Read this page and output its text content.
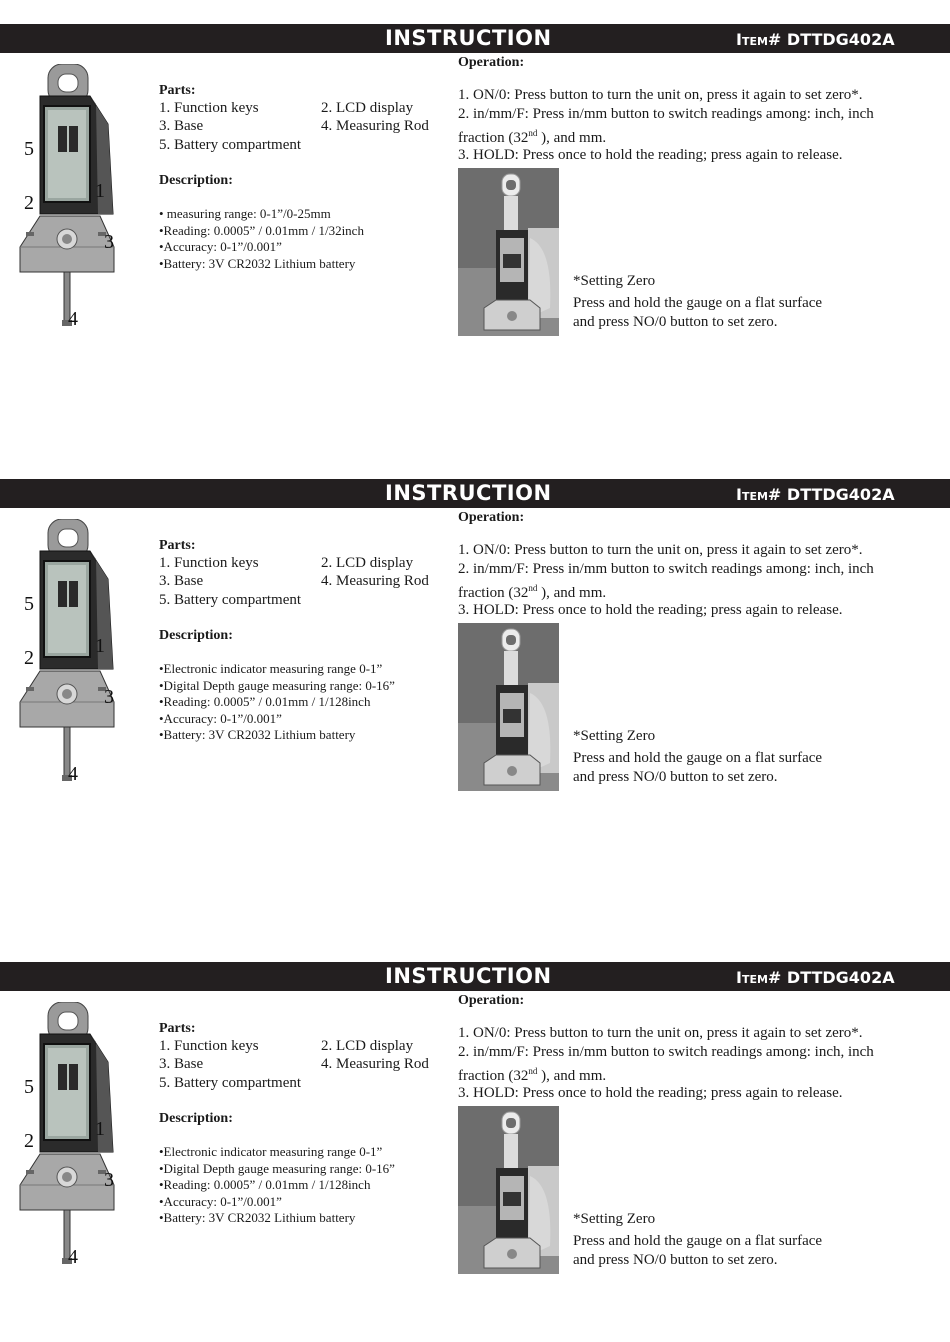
INSTRUCTION	Item# DTTDG402A
5
2
1
3
4
Parts:
1. Function keys	2. LCD display
3. Base	4. Measuring Rod
5. Battery compartment
Description:
• measuring range: 0-1”/0-25mm
•Reading: 0.0005” / 0.01mm / 1/32inch
•Accuracy: 0-1”/0.001”
•Battery: 3V CR2032 Lithium battery
Operation:
1. ON/0: Press button to turn the unit on, press it again to set zero*.
2. in/mm/F: Press in/mm button to switch readings among: inch, inch
fraction (32nd ), and mm.
3. HOLD: Press once to hold the reading; press again to release.
*Setting Zero
Press and hold the gauge on a flat surface
and press NO/0 button to set zero.
INSTRUCTION	Item# DTTDG402A
5
2
1
3
4
Parts:
1. Function keys	2. LCD display
3. Base	4. Measuring Rod
5. Battery compartment
Description:
•Electronic indicator measuring range 0-1”
•Digital Depth gauge measuring range: 0-16”
•Reading: 0.0005” / 0.01mm / 1/128inch
•Accuracy: 0-1”/0.001”
•Battery: 3V CR2032 Lithium battery
Operation:
1. ON/0: Press button to turn the unit on, press it again to set zero*.
2. in/mm/F: Press in/mm button to switch readings among: inch, inch
fraction (32nd ), and mm.
3. HOLD: Press once to hold the reading; press again to release.
*Setting Zero
Press and hold the gauge on a flat surface
and press NO/0 button to set zero.
INSTRUCTION	Item# DTTDG402A
5
2
1
3
4
Parts:
1. Function keys	2. LCD display
3. Base	4. Measuring Rod
5. Battery compartment
Description:
•Electronic indicator measuring range 0-1”
•Digital Depth gauge measuring range: 0-16”
•Reading: 0.0005” / 0.01mm / 1/128inch
•Accuracy: 0-1”/0.001”
•Battery: 3V CR2032 Lithium battery
Operation:
1. ON/0: Press button to turn the unit on, press it again to set zero*.
2. in/mm/F: Press in/mm button to switch readings among: inch, inch
fraction (32nd ), and mm.
3. HOLD: Press once to hold the reading; press again to release.
*Setting Zero
Press and hold the gauge on a flat surface
and press NO/0 button to set zero.
